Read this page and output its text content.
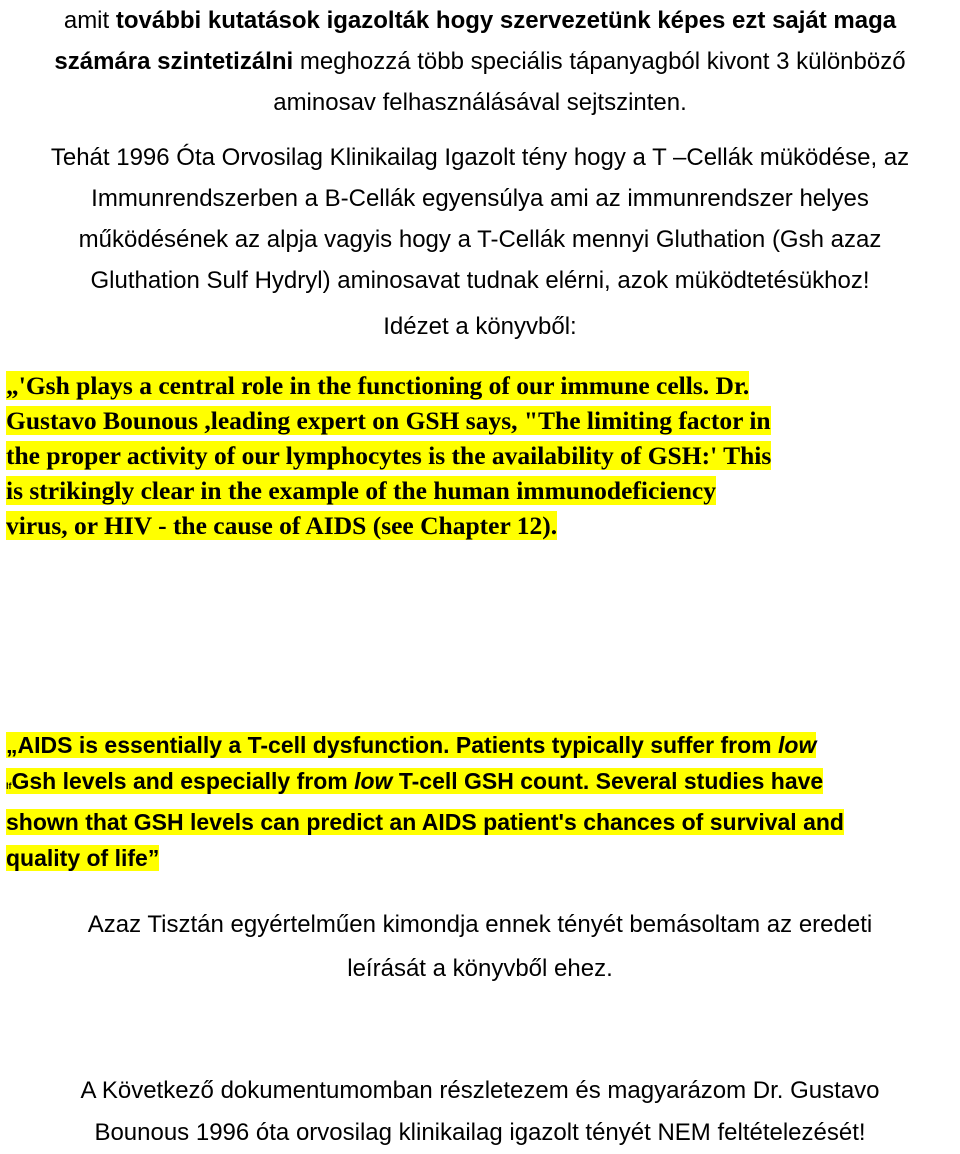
amit további kutatások igazolták hogy szervezetünk képes ezt saját maga
számára szintetizálni meghozzá több speciális tápanyagból kivont 3 különböző
aminosav felhasználásával sejtszinten.
Tehát 1996 Óta Orvosilag Klinikailag Igazolt tény hogy a T –Cellák müködése, az
Immunrendszerben a B-Cellák egyensúlya ami az immunrendszer helyes
működésének az alpja vagyis hogy a T-Cellák mennyi Gluthation (Gsh azaz
Gluthation Sulf Hydryl) aminosavat tudnak elérni, azok müködtetésükhoz!
Idézet a könyvből:
„'Gsh plays a central role in the functioning of our immune cells. Dr.
Gustavo Bounous ,leading expert on GSH says, "The limiting factor in
the proper activity of our lymphocytes is the availability of GSH:' This
is strikingly clear in the example of the human immunodeficiency
virus, or HIV - the cause of AIDS (see Chapter 12).
„AIDS is essentially a T-cell dysfunction. Patients typically suffer from low
lfGsh levels and especially from low T-cell GSH count. Several studies have
shown that GSH levels can predict an AIDS patient's chances of survival and
quality of life”
Azaz Tisztán egyértelműen kimondja ennek tényét bemásoltam az eredeti
leírását a könyvből ehez.
A Következő dokumentumomban részletezem és magyarázom Dr. Gustavo
Bounous 1996 óta orvosilag klinikailag igazolt tényét NEM feltételezését!
